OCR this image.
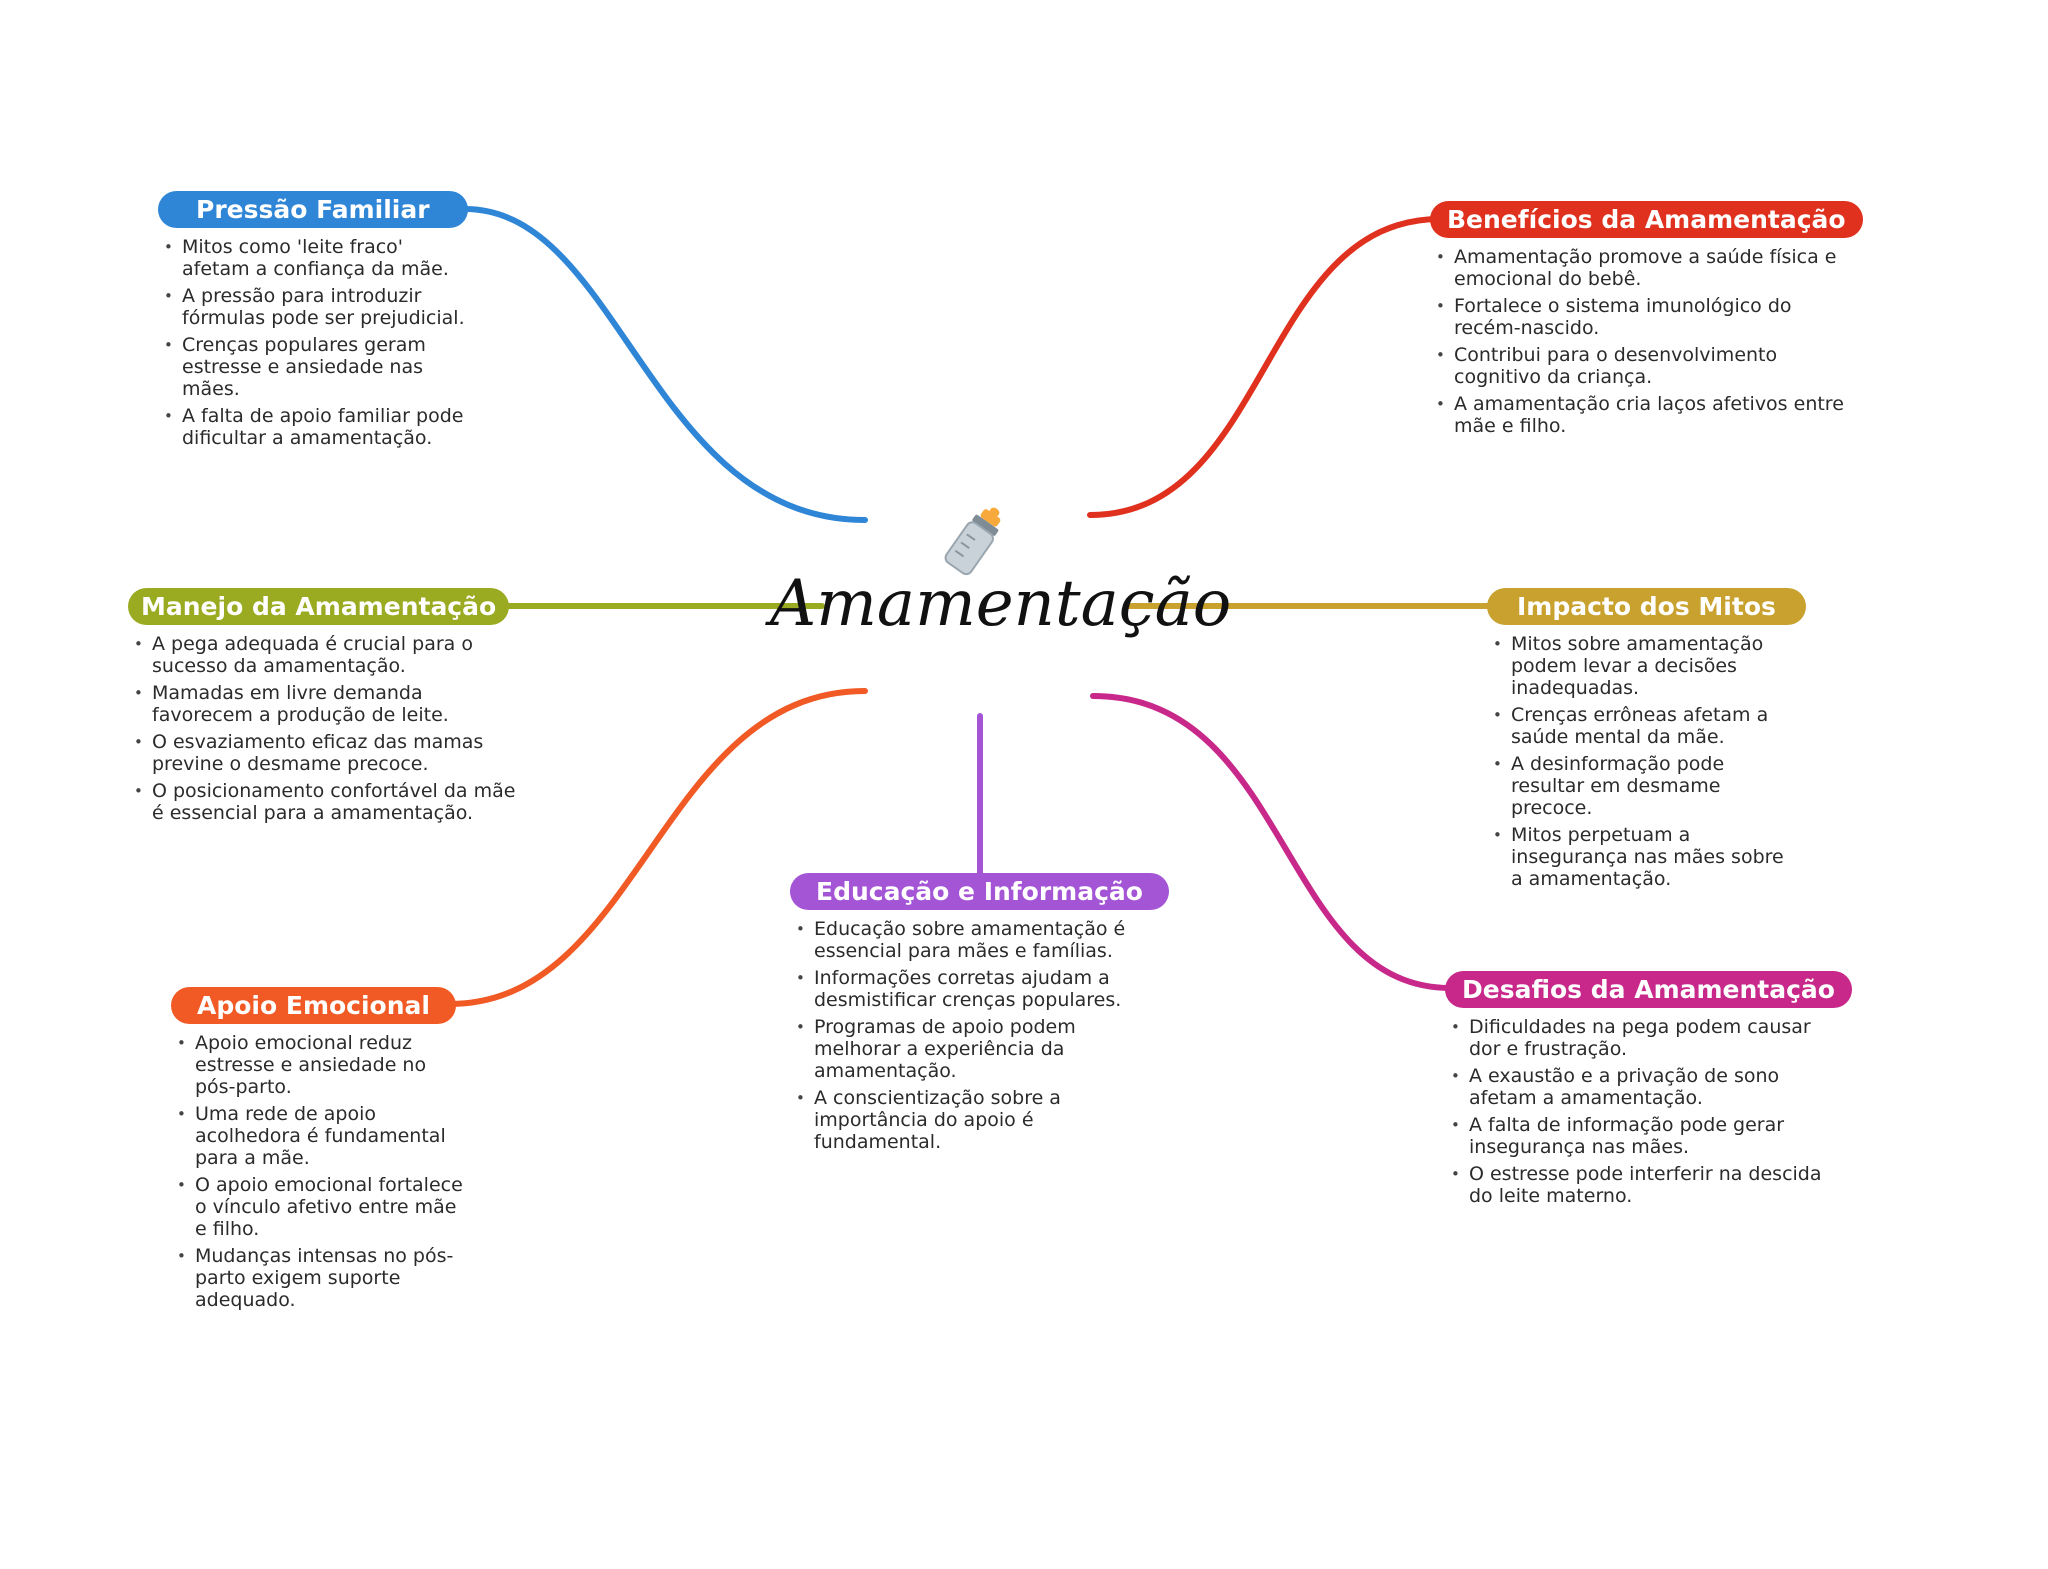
Amamentação
Pressão Familiar
• Mitos como 'leite fraco' afetam a confiança da mãe.
• A pressão para introduzir fórmulas pode ser prejudicial.
• Crenças populares geram estresse e ansiedade nas mães.
• A falta de apoio familiar pode dificultar a amamentação.
Benefícios da Amamentação
• Amamentação promove a saúde física e emocional do bebê.
• Fortalece o sistema imunológico do recém-nascido.
• Contribui para o desenvolvimento cognitivo da criança.
• A amamentação cria laços afetivos entre mãe e filho.
Manejo da Amamentação
• A pega adequada é crucial para o sucesso da amamentação.
• Mamadas em livre demanda favorecem a produção de leite.
• O esvaziamento eficaz das mamas previne o desmame precoce.
• O posicionamento confortável da mãe é essencial para a amamentação.
Impacto dos Mitos
• Mitos sobre amamentação podem levar a decisões inadequadas.
• Crenças errôneas afetam a saúde mental da mãe.
• A desinformação pode resultar em desmame precoce.
• Mitos perpetuam a insegurança nas mães sobre a amamentação.
Apoio Emocional
• Apoio emocional reduz estresse e ansiedade no pós-parto.
• Uma rede de apoio acolhedora é fundamental para a mãe.
• O apoio emocional fortalece o vínculo afetivo entre mãe e filho.
• Mudanças intensas no pós-parto exigem suporte adequado.
Educação e Informação
• Educação sobre amamentação é essencial para mães e famílias.
• Informações corretas ajudam a desmistificar crenças populares.
• Programas de apoio podem melhorar a experiência da amamentação.
• A conscientização sobre a importância do apoio é fundamental.
Desafios da Amamentação
• Dificuldades na pega podem causar dor e frustração.
• A exaustão e a privação de sono afetam a amamentação.
• A falta de informação pode gerar insegurança nas mães.
• O estresse pode interferir na descida do leite materno.
